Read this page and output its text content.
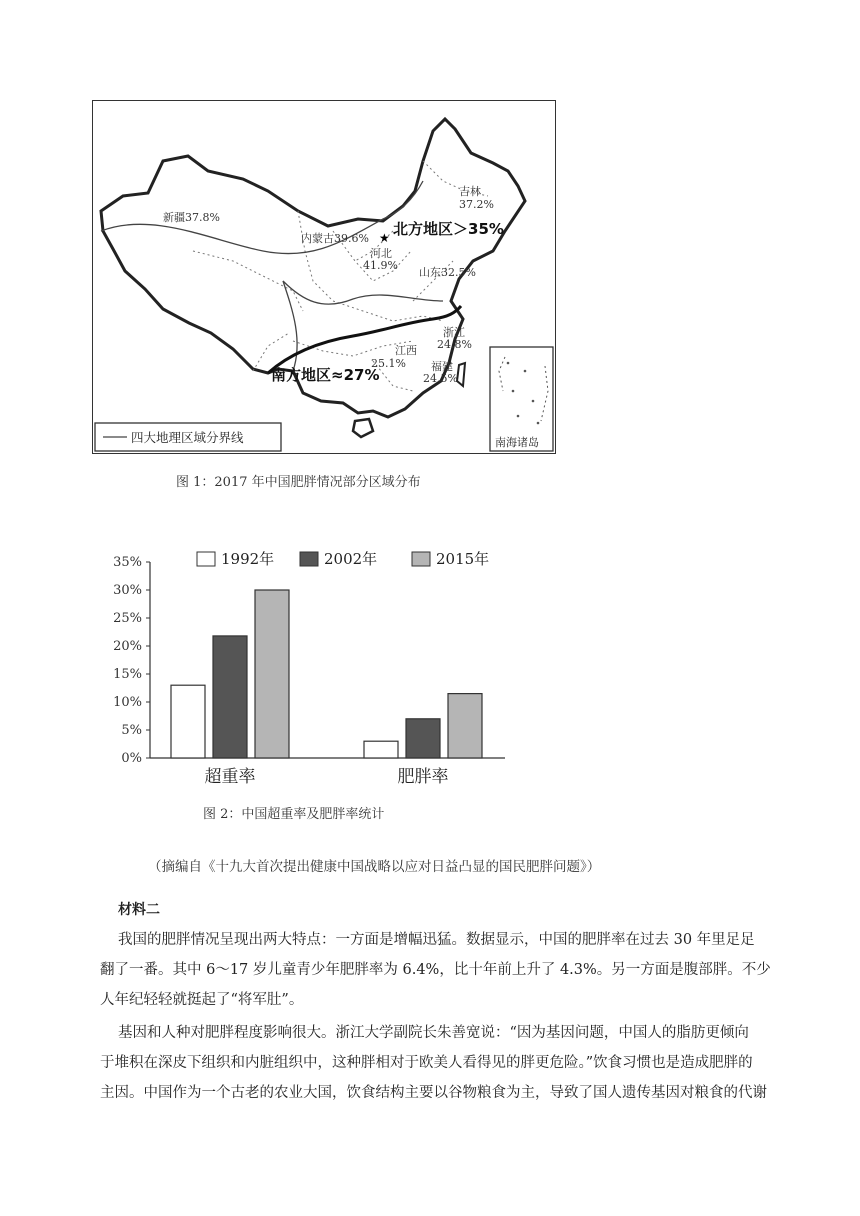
★
新疆37.8%
内蒙古39.6%
吉林
37.2%
河北
41.9%
山东32.5%
浙江
24.8%
江西
25.1% 福建
24.5%
北方地区＞35%
南方地区≈27%
四大地理区域分界线	南海诸岛
图 1：2017 年中国肥胖情况部分区域分布
0%
5%
10%
15%
20%
25%
30%
35%
超重率	肥胖率
1992年	2002年	2015年
图 2：中国超重率及肥胖率统计
（摘编自《十九大首次提出健康中国战略以应对日益凸显的国民肥胖问题》）
材料二
我国的肥胖情况呈现出两大特点：一方面是增幅迅猛。数据显示，中国的肥胖率在过去 30 年里足足
翻了一番。其中 6～17 岁儿童青少年肥胖率为 6.4%，比十年前上升了 4.3%。另一方面是腹部胖。不少
人年纪轻轻就挺起了“将军肚”。
基因和人种对肥胖程度影响很大。浙江大学副院长朱善宽说：“因为基因问题，中国人的脂肪更倾向
于堆积在深皮下组织和内脏组织中，这种胖相对于欧美人看得见的胖更危险。”饮食习惯也是造成肥胖的
主因。中国作为一个古老的农业大国，饮食结构主要以谷物粮食为主，导致了国人遗传基因对粮食的代谢
